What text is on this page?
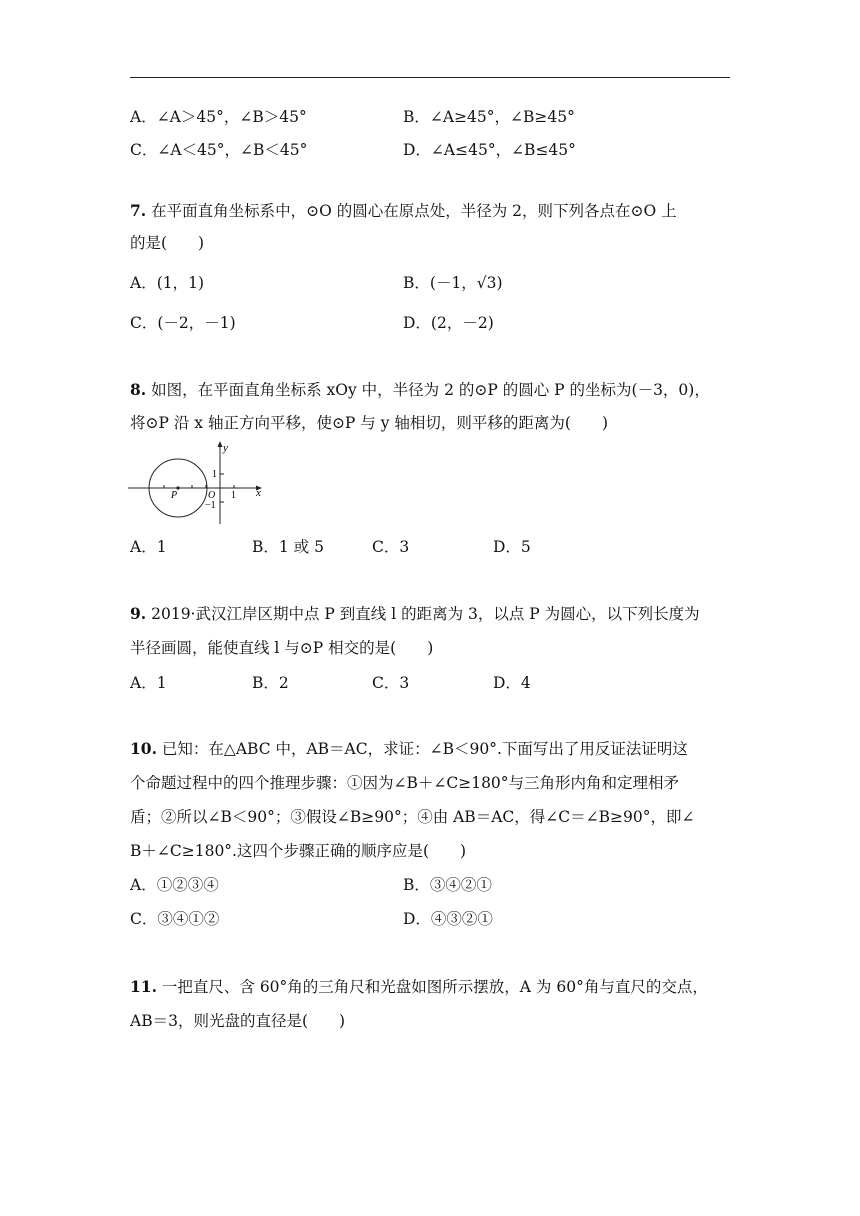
A．∠A＞45°，∠B＞45°	B．∠A≥45°，∠B≥45°
C．∠A＜45°，∠B＜45°	D．∠A≤45°，∠B≤45°
7. 在平面直角坐标系中，⊙O 的圆心在原点处，半径为 2，则下列各点在⊙O 上
的是(　　)
A．(1，1)	B．(－1，√3)
C．(－2，－1)	D．(2，－2)
8. 如图，在平面直角坐标系 xOy 中，半径为 2 的⊙P 的圆心 P 的坐标为(－3，0)，
将⊙P 沿 x 轴正方向平移，使⊙P 与 y 轴相切，则平移的距离为(　　)
y
x
O
1
−1
1
P
A．1	B．1 或 5	C．3	D．5
9. 2019·武汉江岸区期中点 P 到直线 l 的距离为 3，以点 P 为圆心，以下列长度为
半径画圆，能使直线 l 与⊙P 相交的是(　　)
A．1	B．2	C．3	D．4
10. 已知：在△ABC 中，AB＝AC，求证：∠B＜90°.下面写出了用反证法证明这
个命题过程中的四个推理步骤：①因为∠B＋∠C≥180°与三角形内角和定理相矛
盾；②所以∠B＜90°；③假设∠B≥90°；④由 AB＝AC，得∠C＝∠B≥90°，即∠
B＋∠C≥180°.这四个步骤正确的顺序应是(　　)
A．①②③④	B．③④②①
C．③④①②	D．④③②①
11. 一把直尺、含 60°角的三角尺和光盘如图所示摆放，A 为 60°角与直尺的交点，
AB＝3，则光盘的直径是(　　)
